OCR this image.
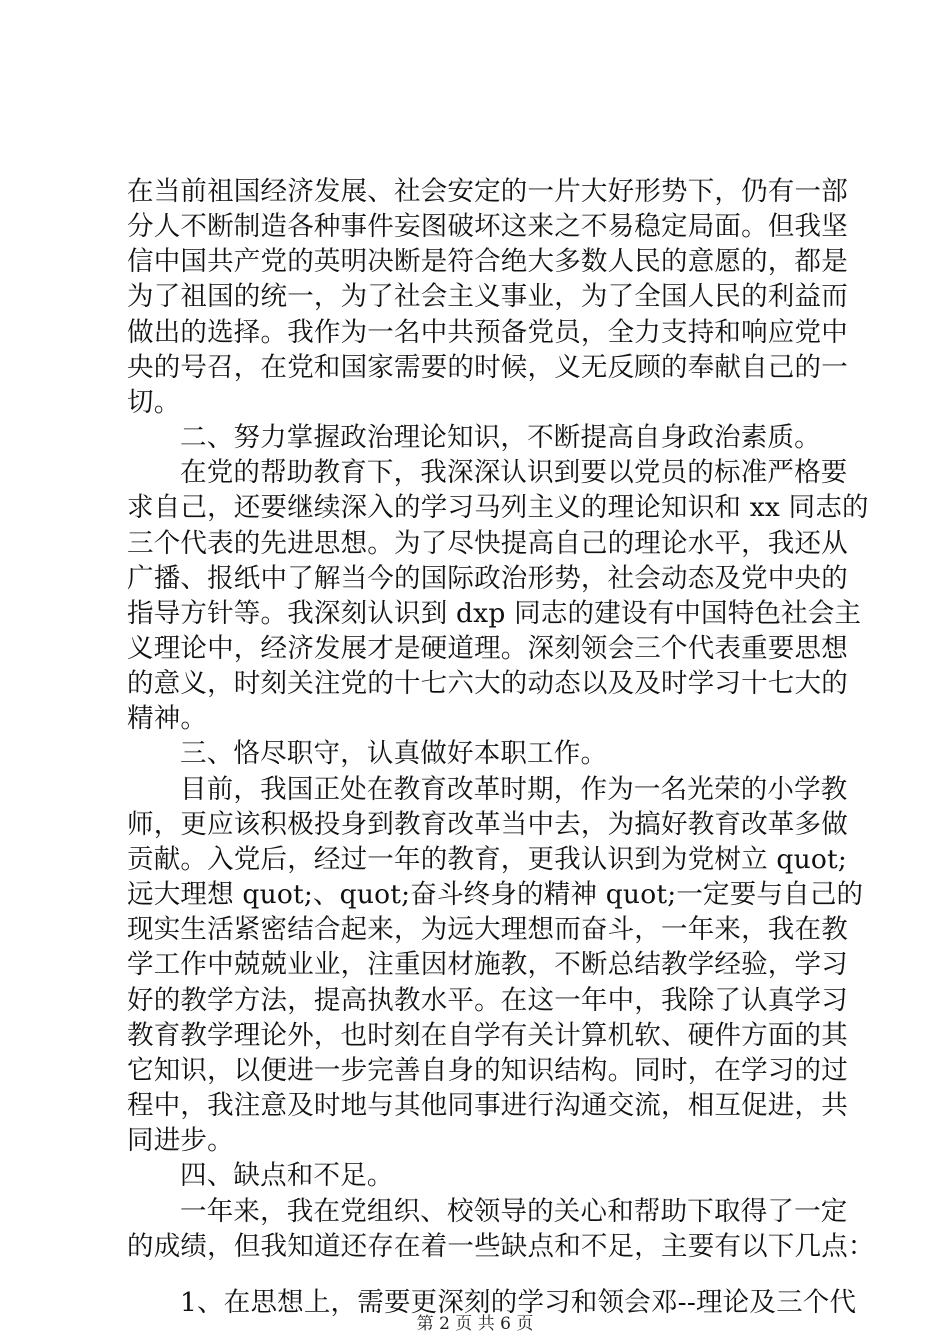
在当前祖国经济发展、社会安定的一片大好形势下，仍有一部
分人不断制造各种事件妄图破坏这来之不易稳定局面。但我坚
信中国共产党的英明决断是符合绝大多数人民的意愿的，都是
为了祖国的统一，为了社会主义事业，为了全国人民的利益而
做出的选择。我作为一名中共预备党员，全力支持和响应党中
央的号召，在党和国家需要的时候，义无反顾的奉献自己的一
切。
二、努力掌握政治理论知识，不断提高自身政治素质。
在党的帮助教育下，我深深认识到要以党员的标准严格要
求自己，还要继续深入的学习马列主义的理论知识和 xx 同志的
三个代表的先进思想。为了尽快提高自己的理论水平，我还从
广播、报纸中了解当今的国际政治形势，社会动态及党中央的
指导方针等。我深刻认识到 dxp 同志的建设有中国特色社会主
义理论中，经济发展才是硬道理。深刻领会三个代表重要思想
的意义，时刻关注党的十七六大的动态以及及时学习十七大的
精神。
三、恪尽职守，认真做好本职工作。
目前，我国正处在教育改革时期，作为一名光荣的小学教
师，更应该积极投身到教育改革当中去，为搞好教育改革多做
贡献。入党后，经过一年的教育，更我认识到为党树立 quot;
远大理想 quot;、quot;奋斗终身的精神 quot;一定要与自己的
现实生活紧密结合起来，为远大理想而奋斗，一年来，我在教
学工作中兢兢业业，注重因材施教，不断总结教学经验，学习
好的教学方法，提高执教水平。在这一年中，我除了认真学习
教育教学理论外，也时刻在自学有关计算机软、硬件方面的其
它知识，以便进一步完善自身的知识结构。同时，在学习的过
程中，我注意及时地与其他同事进行沟通交流，相互促进，共
同进步。
四、缺点和不足。
一年来，我在党组织、校领导的关心和帮助下取得了一定
的成绩，但我知道还存在着一些缺点和不足，主要有以下几点：
1、在思想上，需要更深刻的学习和领会邓--理论及三个代
第 2 页 共 6 页
